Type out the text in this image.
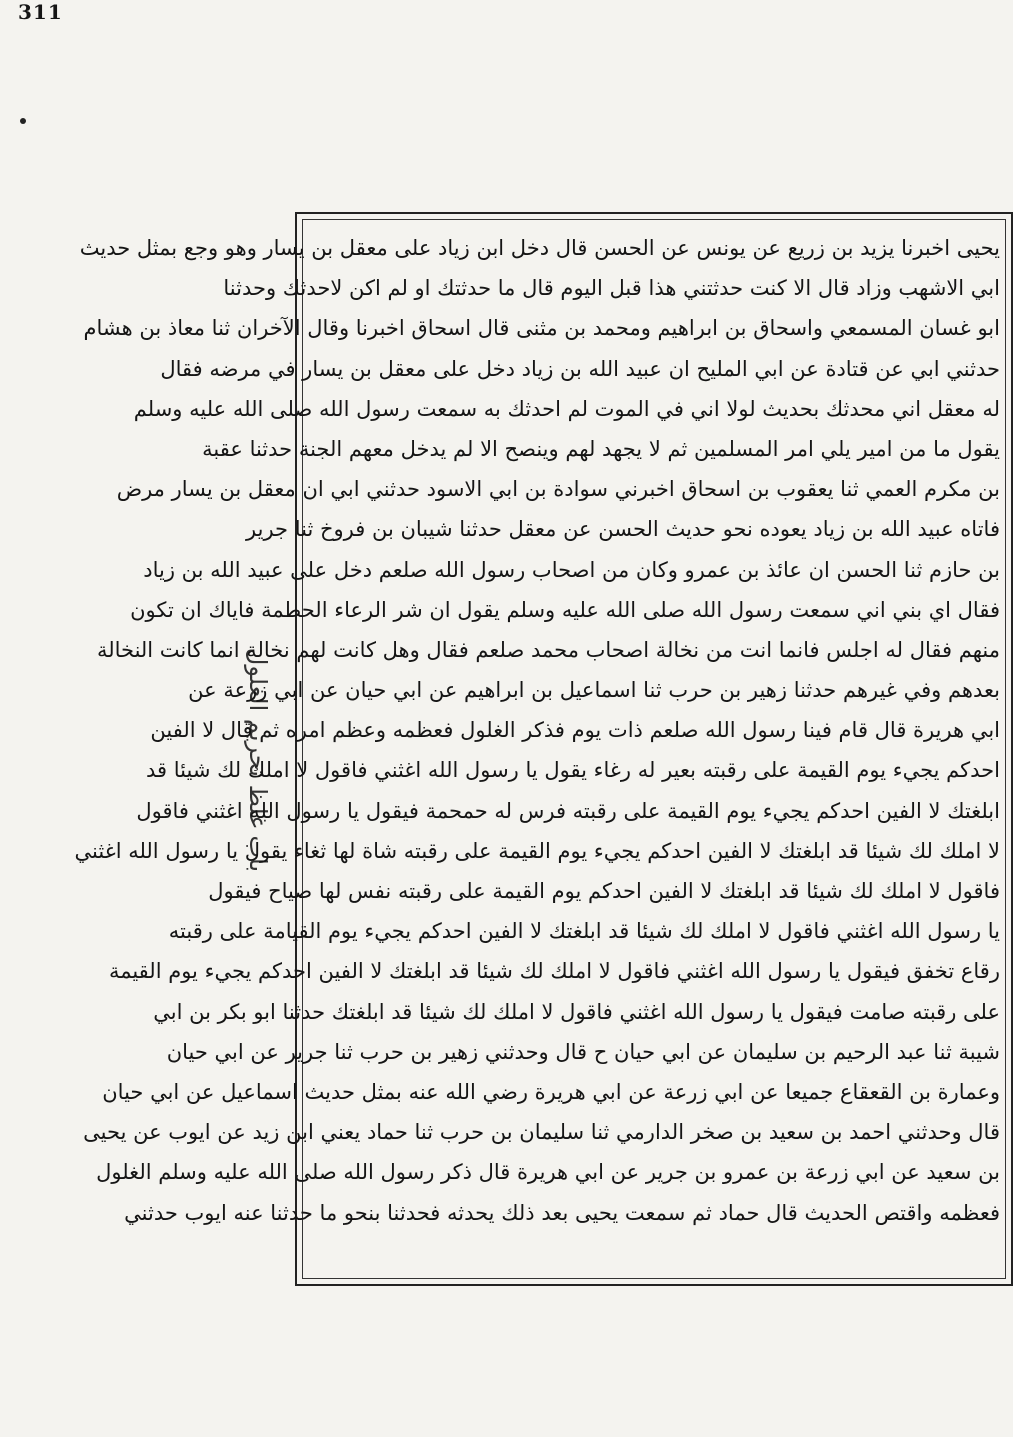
311
باب غلظ تحريم الغلول
يحيى اخبرنا يزيد بن زريع عن يونس عن الحسن قال دخل ابن زياد على معقل بن يسار وهو وجع بمثل حديث
ابي الاشهب وزاد قال الا كنت حدثتني هذا قبل اليوم قال ما حدثتك او لم اكن لاحدثك وحدثنا
ابو غسان المسمعي واسحاق بن ابراهيم ومحمد بن مثنى قال اسحاق اخبرنا وقال الآخران ثنا معاذ بن هشام
حدثني ابي عن قتادة عن ابي المليح ان عبيد الله بن زياد دخل على معقل بن يسار في مرضه فقال
له معقل اني محدثك بحديث لولا اني في الموت لم احدثك به سمعت رسول الله صلى الله عليه وسلم
يقول ما من امير يلي امر المسلمين ثم لا يجهد لهم وينصح الا لم يدخل معهم الجنة حدثنا عقبة
بن مكرم العمي ثنا يعقوب بن اسحاق اخبرني سوادة بن ابي الاسود حدثني ابي ان معقل بن يسار مرض
فاتاه عبيد الله بن زياد يعوده نحو حديث الحسن عن معقل حدثنا شيبان بن فروخ ثنا جرير
بن حازم ثنا الحسن ان عائذ بن عمرو وكان من اصحاب رسول الله صلعم دخل على عبيد الله بن زياد
فقال اي بني اني سمعت رسول الله صلى الله عليه وسلم يقول ان شر الرعاء الحطمة فاياك ان تكون
منهم فقال له اجلس فانما انت من نخالة اصحاب محمد صلعم فقال وهل كانت لهم نخالة انما كانت النخالة
بعدهم وفي غيرهم حدثنا زهير بن حرب ثنا اسماعيل بن ابراهيم عن ابي حيان عن ابي زرعة عن
ابي هريرة قال قام فينا رسول الله صلعم ذات يوم فذكر الغلول فعظمه وعظم امره ثم قال لا الفين
احدكم يجيء يوم القيمة على رقبته بعير له رغاء يقول يا رسول الله اغثني فاقول لا املك لك شيئا قد
ابلغتك لا الفين احدكم يجيء يوم القيمة على رقبته فرس له حمحمة فيقول يا رسول الله اغثني فاقول
لا املك لك شيئا قد ابلغتك لا الفين احدكم يجيء يوم القيمة على رقبته شاة لها ثغاء يقول يا رسول الله اغثني
فاقول لا املك لك شيئا قد ابلغتك لا الفين احدكم يوم القيمة على رقبته نفس لها صياح فيقول
يا رسول الله اغثني فاقول لا املك لك شيئا قد ابلغتك لا الفين احدكم يجيء يوم القيامة على رقبته
رقاع تخفق فيقول يا رسول الله اغثني فاقول لا املك لك شيئا قد ابلغتك لا الفين احدكم يجيء يوم القيمة
على رقبته صامت فيقول يا رسول الله اغثني فاقول لا املك لك شيئا قد ابلغتك حدثنا ابو بكر بن ابي
شيبة ثنا عبد الرحيم بن سليمان عن ابي حيان ح قال وحدثني زهير بن حرب ثنا جرير عن ابي حيان
وعمارة بن القعقاع جميعا عن ابي زرعة عن ابي هريرة رضي الله عنه بمثل حديث اسماعيل عن ابي حيان
قال وحدثني احمد بن سعيد بن صخر الدارمي ثنا سليمان بن حرب ثنا حماد يعني ابن زيد عن ايوب عن يحيى
بن سعيد عن ابي زرعة بن عمرو بن جرير عن ابي هريرة قال ذكر رسول الله صلى الله عليه وسلم الغلول
فعظمه واقتص الحديث قال حماد ثم سمعت يحيى بعد ذلك يحدثه فحدثنا بنحو ما حدثنا عنه ايوب حدثني
